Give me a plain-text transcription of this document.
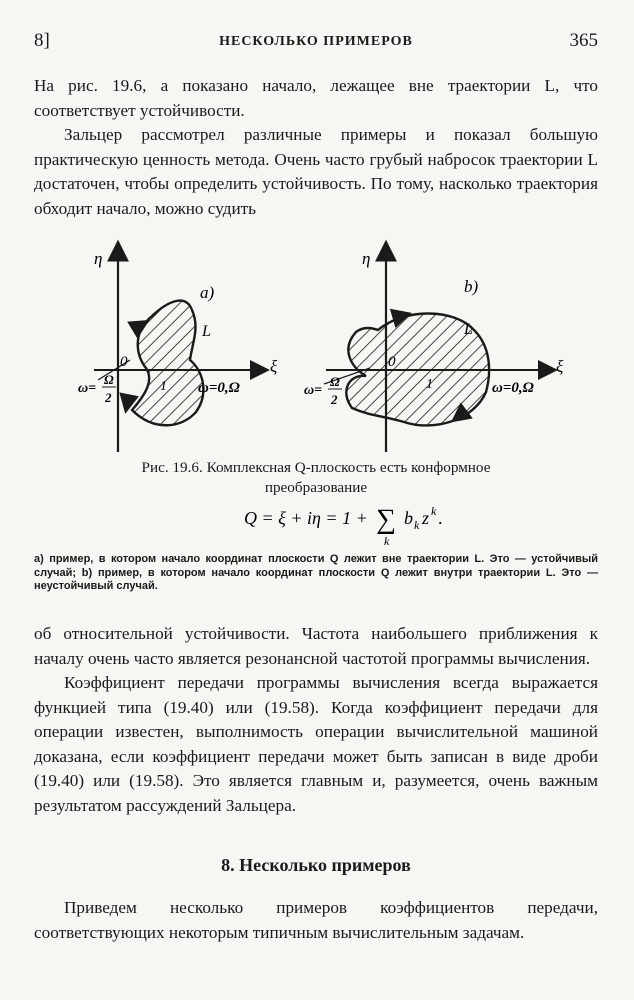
8]	НЕСКОЛЬКО ПРИМЕРОВ	365

На рис. 19.6, a показано начало, лежащее вне траектории L, что соответствует устойчивости.

Зальцер рассмотрел различные примеры и показал большую практическую ценность метода. Очень часто грубый набросок траектории L достаточен, чтобы определить устойчивость. По тому, насколько траектория обходит начало, можно судить

η
ξ
a)
L
0
1 ω=0,Ω
ω=
Ω
2
η
ξ
b)
L
0
1	ω=0,Ω
ω=
Ω
2
Рис. 19.6. Комплексная Q-плоскость есть конформное
преобразование
Q = ξ + iη = 1 + ∑
k
b k z k .

a) пример, в котором начало координат плоскости Q лежит вне траектории L. Это — устойчивый случай; b) пример, в котором начало координат плоскости Q лежит внутри траектории L. Это — неустойчивый случай.

об относительной устойчивости. Частота наибольшего приближения к началу очень часто является резонансной частотой программы вычисления.

Коэффициент передачи программы вычисления всегда выражается функцией типа (19.40) или (19.58). Когда коэффициент передачи для операции известен, выполнимость операции вычислительной машиной доказана, если коэффициент передачи может быть записан в виде дроби (19.40) или (19.58). Это является главным и, разумеется, очень важным результатом рассуждений Зальцера.

8. Несколько примеров

Приведем несколько примеров коэффициентов передачи, соответствующих некоторым типичным вычислительным задачам.
